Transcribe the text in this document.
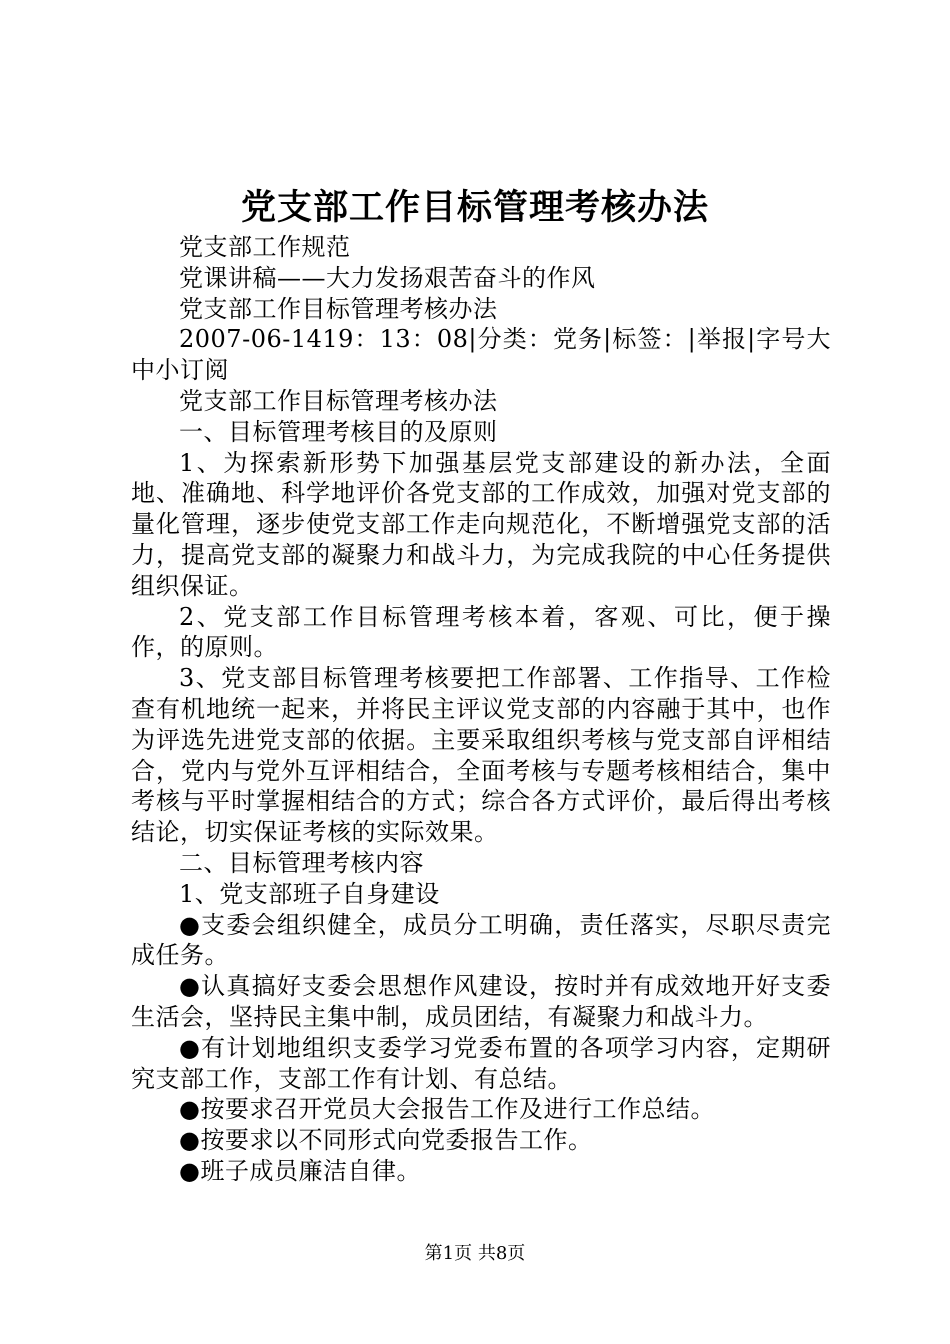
党支部工作目标管理考核办法

党支部工作规范

党课讲稿——大力发扬艰苦奋斗的作风

党支部工作目标管理考核办法

2007-06-1419：13：08|分类：党务|标签：|举报|字号大中小订阅

党支部工作目标管理考核办法

一、目标管理考核目的及原则

1、为探索新形势下加强基层党支部建设的新办法，全面地、准确地、科学地评价各党支部的工作成效，加强对党支部的量化管理，逐步使党支部工作走向规范化，不断增强党支部的活力，提高党支部的凝聚力和战斗力，为完成我院的中心任务提供组织保证。

2、党支部工作目标管理考核本着，客观、可比，便于操作，的原则。

3、党支部目标管理考核要把工作部署、工作指导、工作检查有机地统一起来，并将民主评议党支部的内容融于其中，也作为评选先进党支部的依据。主要采取组织考核与党支部自评相结合，党内与党外互评相结合，全面考核与专题考核相结合，集中考核与平时掌握相结合的方式；综合各方式评价，最后得出考核结论，切实保证考核的实际效果。

二、目标管理考核内容

1、党支部班子自身建设

●支委会组织健全，成员分工明确，责任落实，尽职尽责完成任务。

●认真搞好支委会思想作风建设，按时并有成效地开好支委生活会，坚持民主集中制，成员团结，有凝聚力和战斗力。

●有计划地组织支委学习党委布置的各项学习内容，定期研究支部工作，支部工作有计划、有总结。

●按要求召开党员大会报告工作及进行工作总结。

●按要求以不同形式向党委报告工作。

●班子成员廉洁自律。

第1页 共8页
